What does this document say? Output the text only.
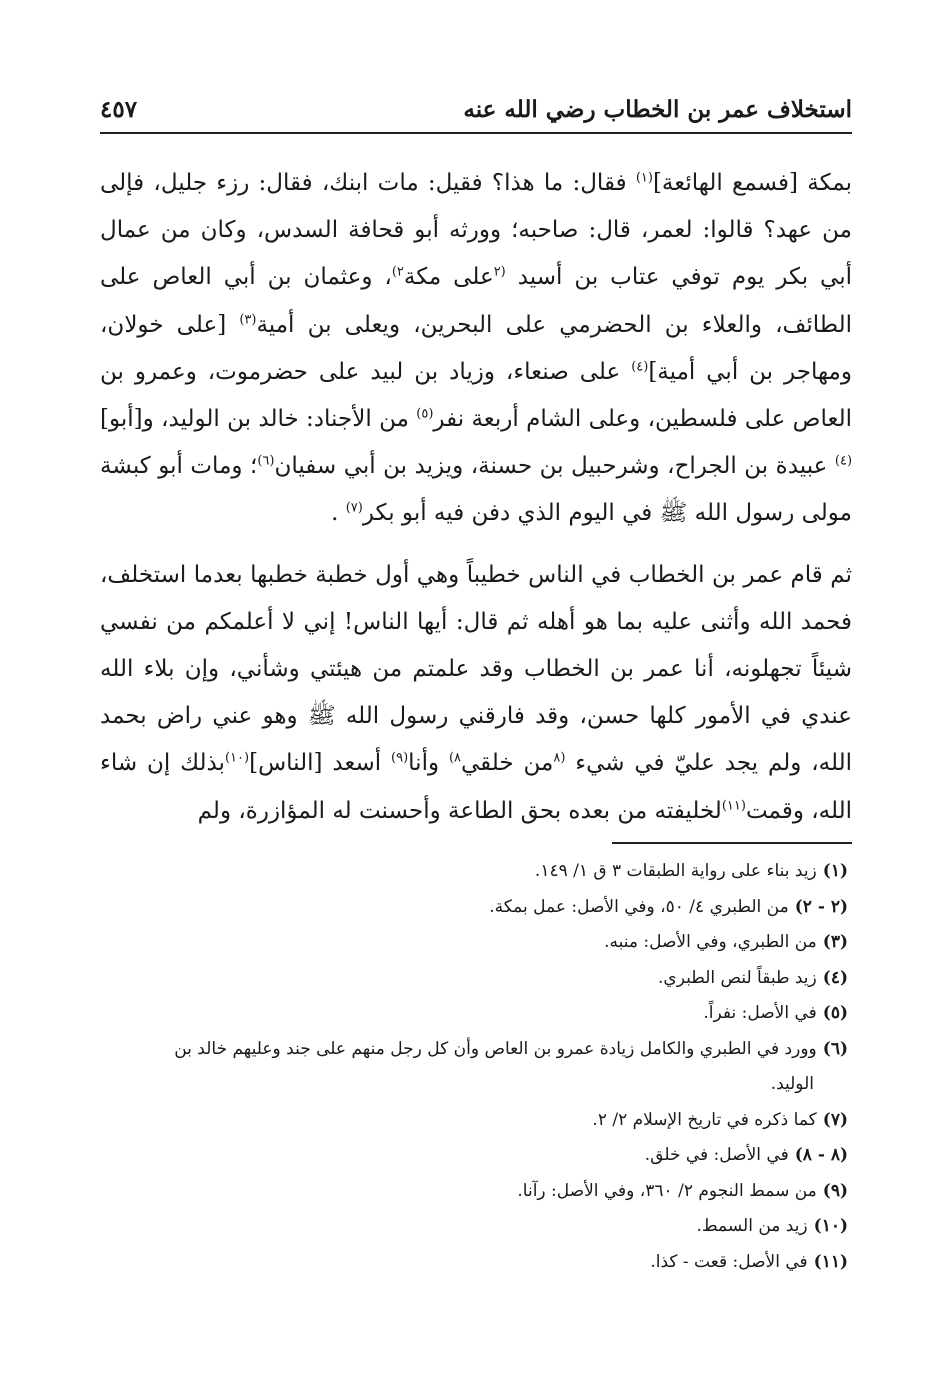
استخلاف عمر بن الخطاب رضي الله عنه
٤٥٧

بمكة [فسمع الهائعة]$^{(١)}$ فقال: ما هذا؟ فقيل: مات ابنك، فقال: رزء جليل، فإلى من عهد؟ قالوا: لعمر، قال: صاحبه؛ وورثه أبو قحافة السدس، وكان من عمال أبي بكر يوم توفي عتاب بن أسيد $^{(٢}$على مكة$^{٢)}$، وعثمان بن أبي العاص على الطائف، والعلاء بن الحضرمي على البحرين، ويعلى بن أمية$^{(٣)}$ [على خولان، ومهاجر بن أبي أمية]$^{(٤)}$ على صنعاء، وزياد بن لبيد على حضرموت، وعمرو بن العاص على فلسطين، وعلى الشام أربعة نفر$^{(٥)}$ من الأجناد: خالد بن الوليد، و[أبو]$^{(٤)}$ عبيدة بن الجراح، وشرحبيل بن حسنة، ويزيد بن أبي سفيان$^{(٦)}$؛ ومات أبو كبشة مولى رسول الله ﷺ في اليوم الذي دفن فيه أبو بكر$^{(٧)}$ .

ثم قام عمر بن الخطاب في الناس خطيباً وهي أول خطبة خطبها بعدما استخلف، فحمد الله وأثنى عليه بما هو أهله ثم قال: أيها الناس! إني لا أعلمكم من نفسي شيئاً تجهلونه، أنا عمر بن الخطاب وقد علمتم من هيئتي وشأني، وإن بلاء الله عندي في الأمور كلها حسن، وقد فارقني رسول الله ﷺ وهو عني راض بحمد الله، ولم يجد عليّ في شيء $^{(٨}$من خلقي$^{٨)}$ وأنا$^{(٩)}$ أسعد [الناس]$^{(١٠)}$بذلك إن شاء الله، وقمت$^{(١١)}$لخليفته من بعده بحق الطاعة وأحسنت له المؤازرة، ولم

(١)زيد بناء على رواية الطبقات ٣ ق ١/ ١٤٩.
(٢ - ٢)من الطبري ٤/ ٥٠، وفي الأصل: عمل بمكة.
(٣)من الطبري، وفي الأصل: منبه.
(٤)زيد طبقاً لنص الطبري.
(٥)في الأصل: نفراً.
(٦)وورد في الطبري والكامل زيادة عمرو بن العاص وأن كل رجل منهم على جند وعليهم خالد بن
الوليد.
(٧)كما ذكره في تاريخ الإسلام ٢/ ٢.
(٨ - ٨)في الأصل: في خلق.
(٩)من سمط النجوم ٢/ ٣٦٠، وفي الأصل: رآنا.
(١٠)زيد من السمط.
(١١)في الأصل: قعت - كذا.
